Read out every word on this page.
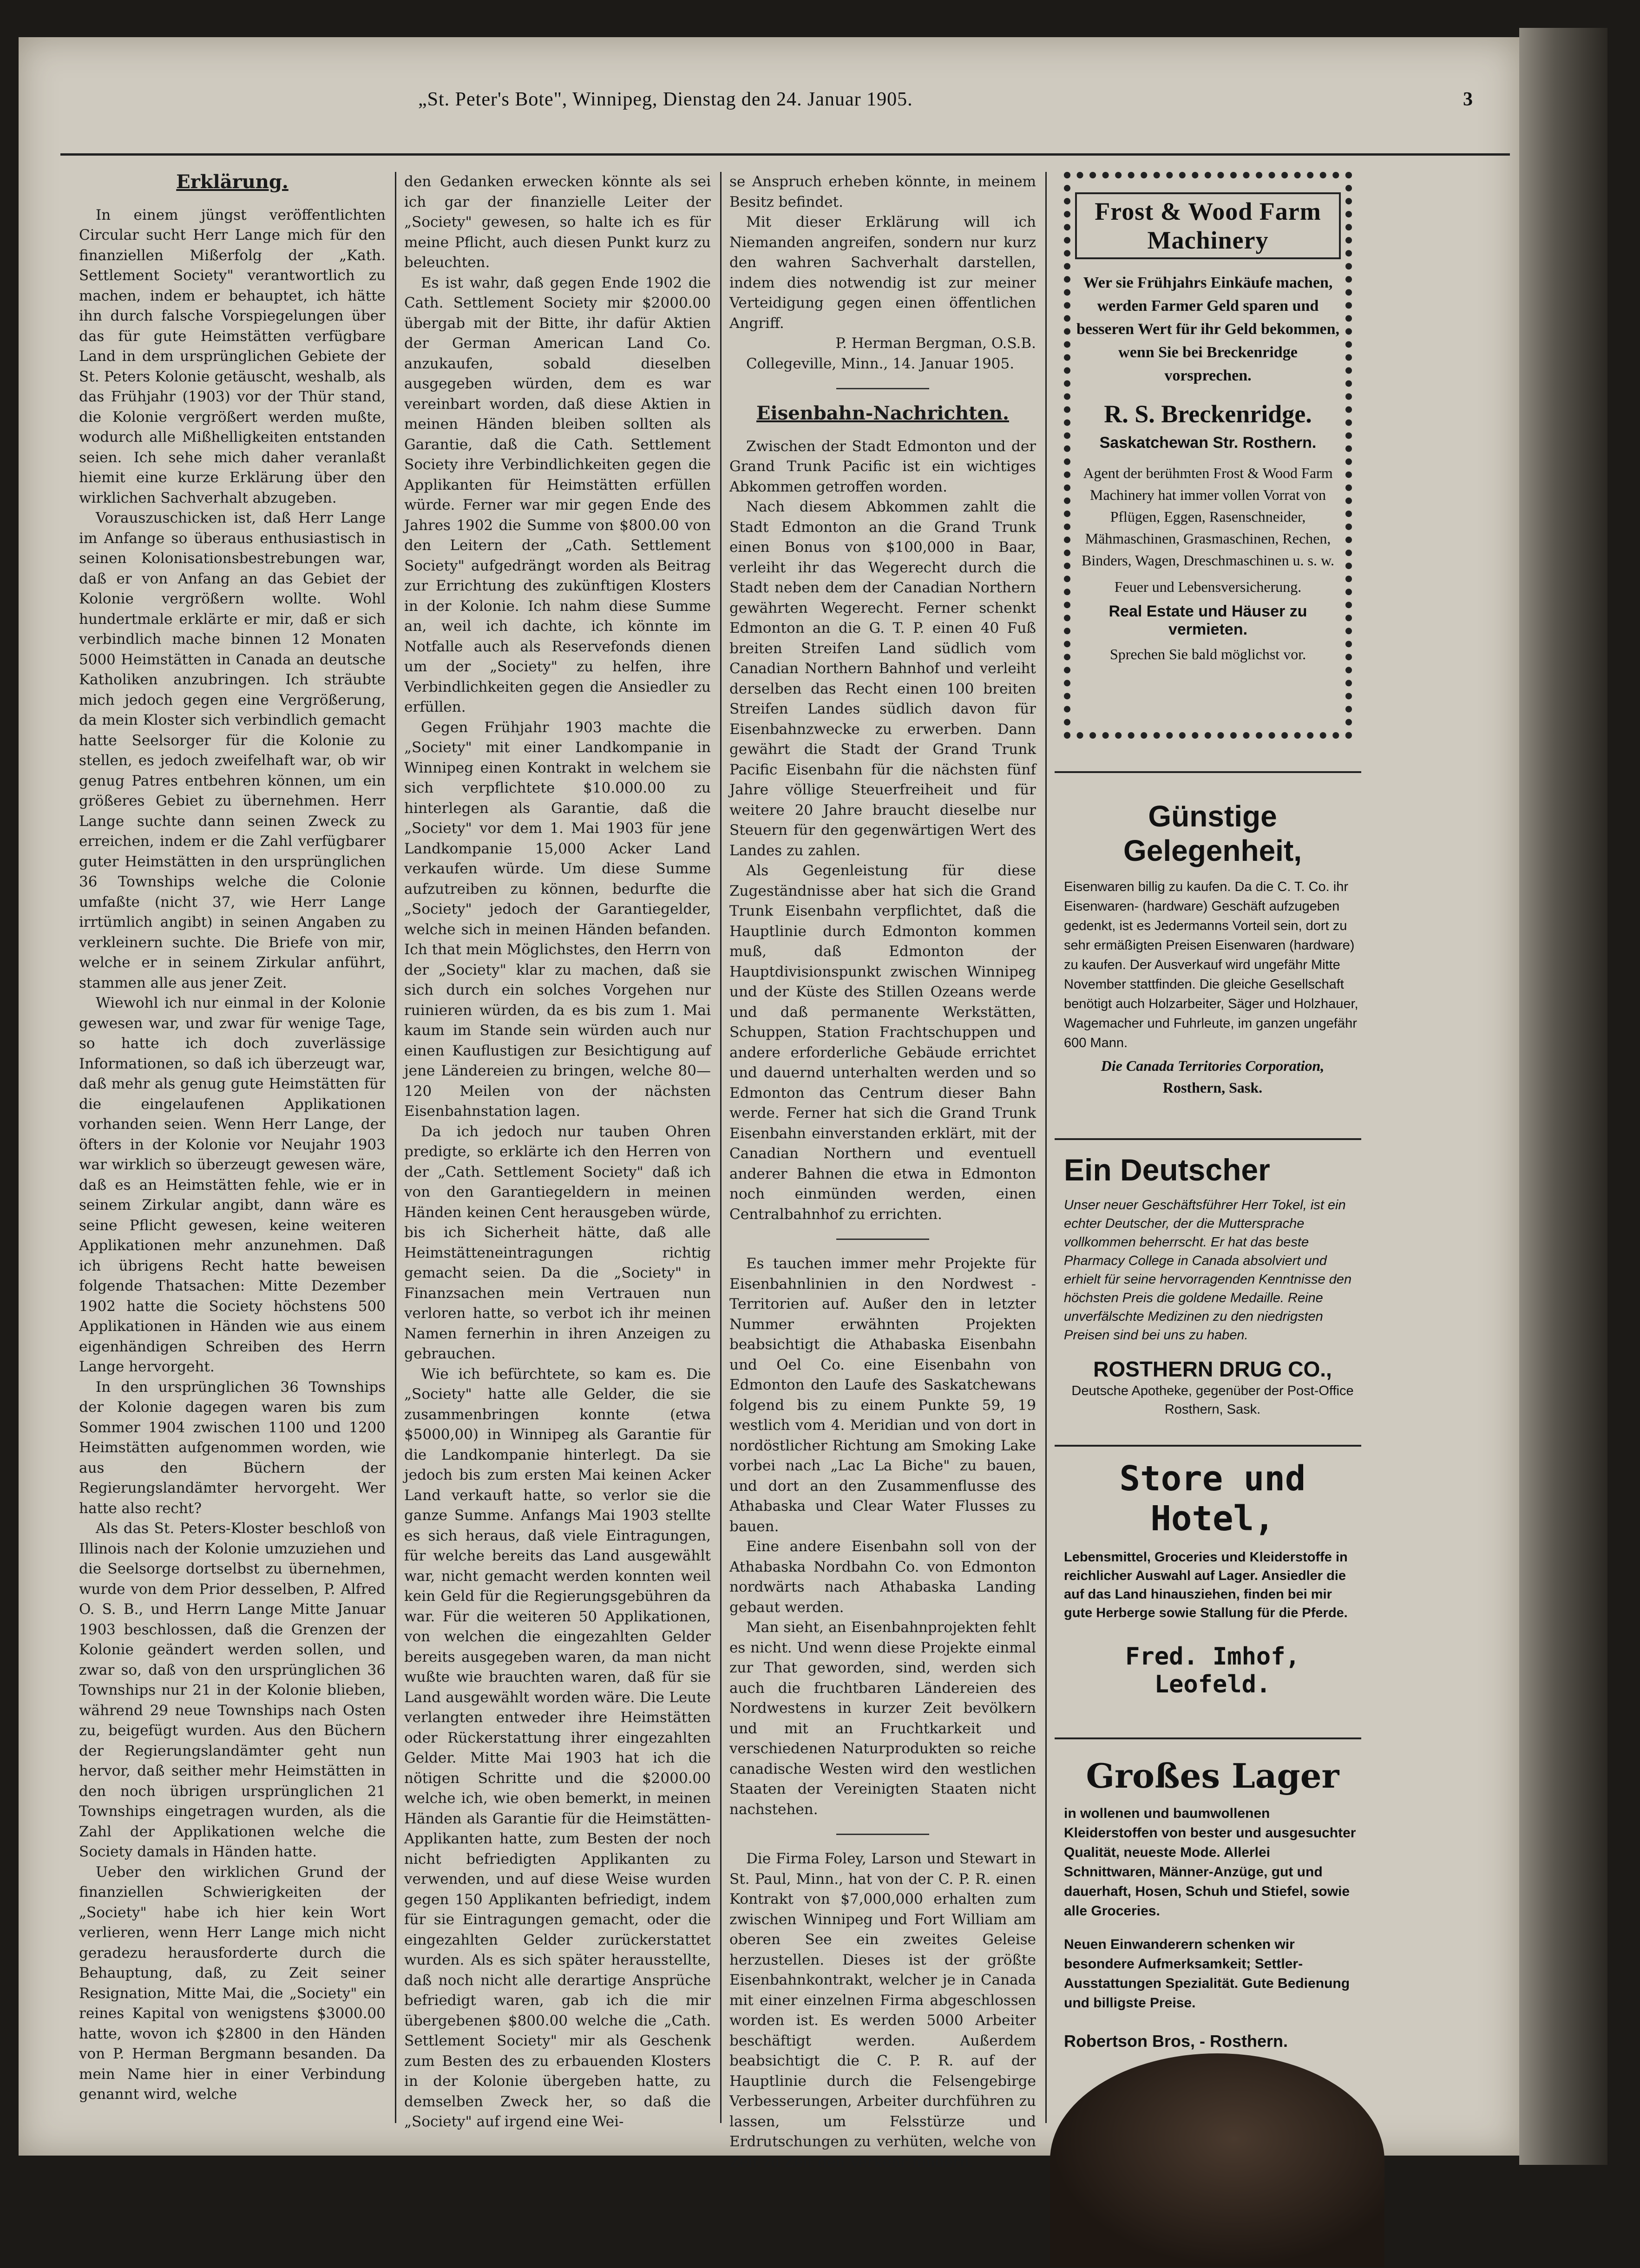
„St. Peter's Bote", Winnipeg, Dienstag den 24. Januar 1905.	3
Erklärung.

In einem jüngst veröffentlichten Circular sucht Herr Lange mich für den finanziellen Mißerfolg der „Kath. Settlement Society" verantwortlich zu machen, indem er behauptet, ich hätte ihn durch falsche Vorspiegelungen über das für gute Heimstätten verfügbare Land in dem ursprünglichen Gebiete der St. Peters Kolonie getäuscht, weshalb, als das Frühjahr (1903) vor der Thür stand, die Kolonie vergrößert werden mußte, wodurch alle Mißhelligkeiten entstanden seien. Ich sehe mich daher veranlaßt hiemit eine kurze Erklärung über den wirklichen Sachverhalt abzugeben.

Vorauszuschicken ist, daß Herr Lange im Anfange so überaus enthusiastisch in seinen Kolonisationsbestrebungen war, daß er von Anfang an das Gebiet der Kolonie vergrößern wollte. Wohl hundertmale erklärte er mir, daß er sich verbindlich mache binnen 12 Monaten 5000 Heimstätten in Canada an deutsche Katholiken anzubringen. Ich sträubte mich jedoch gegen eine Vergrößerung, da mein Kloster sich verbindlich gemacht hatte Seelsorger für die Kolonie zu stellen, es jedoch zweifelhaft war, ob wir genug Patres entbehren können, um ein größeres Gebiet zu übernehmen. Herr Lange suchte dann seinen Zweck zu erreichen, indem er die Zahl verfügbarer guter Heimstätten in den ursprünglichen 36 Townships welche die Colonie umfaßte (nicht 37, wie Herr Lange irrtümlich angibt) in seinen Angaben zu verkleinern suchte. Die Briefe von mir, welche er in seinem Zirkular anführt, stammen alle aus jener Zeit.

Wiewohl ich nur einmal in der Kolonie gewesen war, und zwar für wenige Tage, so hatte ich doch zuverlässige Informationen, so daß ich überzeugt war, daß mehr als genug gute Heimstätten für die eingelaufenen Applikationen vorhanden seien. Wenn Herr Lange, der öfters in der Kolonie vor Neujahr 1903 war wirklich so überzeugt gewesen wäre, daß es an Heimstätten fehle, wie er in seinem Zirkular angibt, dann wäre es seine Pflicht gewesen, keine weiteren Applikationen mehr anzunehmen. Daß ich übrigens Recht hatte beweisen folgende Thatsachen: Mitte Dezember 1902 hatte die Society höchstens 500 Applikationen in Händen wie aus einem eigenhändigen Schreiben des Herrn Lange hervorgeht.

In den ursprünglichen 36 Townships der Kolonie dagegen waren bis zum Sommer 1904 zwischen 1100 und 1200 Heimstätten aufgenommen worden, wie aus den Büchern der Regierungslandämter hervorgeht. Wer hatte also recht?

Als das St. Peters-Kloster beschloß von Illinois nach der Kolonie umzuziehen und die Seelsorge dortselbst zu übernehmen, wurde von dem Prior desselben, P. Alfred O. S. B., und Herrn Lange Mitte Januar 1903 beschlossen, daß die Grenzen der Kolonie geändert werden sollen, und zwar so, daß von den ursprünglichen 36 Townships nur 21 in der Kolonie blieben, während 29 neue Townships nach Osten zu, beigefügt wurden. Aus den Büchern der Regierungslandämter geht nun hervor, daß seither mehr Heimstätten in den noch übrigen ursprünglichen 21 Townships eingetragen wurden, als die Zahl der Applikationen welche die Society damals in Händen hatte.

Ueber den wirklichen Grund der finanziellen Schwierigkeiten der „Society" habe ich hier kein Wort verlieren, wenn Herr Lange mich nicht geradezu herausforderte durch die Behauptung, daß, zu Zeit seiner Resignation, Mitte Mai, die „Society" ein reines Kapital von wenigstens $3000.00 hatte, wovon ich $2800 in den Händen von P. Herman Bergmann besanden. Da mein Name hier in einer Verbindung genannt wird, welche

den Gedanken erwecken könnte als sei ich gar der finanzielle Leiter der „Society" gewesen, so halte ich es für meine Pflicht, auch diesen Punkt kurz zu beleuchten.

Es ist wahr, daß gegen Ende 1902 die Cath. Settlement Society mir $2000.00 übergab mit der Bitte, ihr dafür Aktien der German American Land Co. anzukaufen, sobald dieselben ausgegeben würden, dem es war vereinbart worden, daß diese Aktien in meinen Händen bleiben sollten als Garantie, daß die Cath. Settlement Society ihre Verbindlichkeiten gegen die Applikanten für Heimstätten erfüllen würde. Ferner war mir gegen Ende des Jahres 1902 die Summe von $800.00 von den Leitern der „Cath. Settlement Society" aufgedrängt worden als Beitrag zur Errichtung des zukünftigen Klosters in der Kolonie. Ich nahm diese Summe an, weil ich dachte, ich könnte im Notfalle auch als Reservefonds dienen um der „Society" zu helfen, ihre Verbindlichkeiten gegen die Ansiedler zu erfüllen.

Gegen Frühjahr 1903 machte die „Society" mit einer Landkompanie in Winnipeg einen Kontrakt in welchem sie sich verpflichtete $10.000.00 zu hinterlegen als Garantie, daß die „Society" vor dem 1. Mai 1903 für jene Landkompanie 15,000 Acker Land verkaufen würde. Um diese Summe aufzutreiben zu können, bedurfte die „Society" jedoch der Garantiegelder, welche sich in meinen Händen befanden. Ich that mein Möglichstes, den Herrn von der „Society" klar zu machen, daß sie sich durch ein solches Vorgehen nur ruinieren würden, da es bis zum 1. Mai kaum im Stande sein würden auch nur einen Kauflustigen zur Besichtigung auf jene Ländereien zu bringen, welche 80—120 Meilen von der nächsten Eisenbahnstation lagen.

Da ich jedoch nur tauben Ohren predigte, so erklärte ich den Herren von der „Cath. Settlement Society" daß ich von den Garantiegeldern in meinen Händen keinen Cent herausgeben würde, bis ich Sicherheit hätte, daß alle Heimstätteneintragungen richtig gemacht seien. Da die „Society" in Finanzsachen mein Vertrauen nun verloren hatte, so verbot ich ihr meinen Namen fernerhin in ihren Anzeigen zu gebrauchen.

Wie ich befürchtete, so kam es. Die „Society" hatte alle Gelder, die sie zusammenbringen konnte (etwa $5000,00) in Winnipeg als Garantie für die Landkompanie hinterlegt. Da sie jedoch bis zum ersten Mai keinen Acker Land verkauft hatte, so verlor sie die ganze Summe. Anfangs Mai 1903 stellte es sich heraus, daß viele Eintragungen, für welche bereits das Land ausgewählt war, nicht gemacht werden konnten weil kein Geld für die Regierungsgebühren da war. Für die weiteren 50 Applikationen, von welchen die eingezahlten Gelder bereits ausgegeben waren, da man nicht wußte wie brauchten waren, daß für sie Land ausgewählt worden wäre. Die Leute verlangten entweder ihre Heimstätten oder Rückerstattung ihrer eingezahlten Gelder. Mitte Mai 1903 hat ich die nötigen Schritte und die $2000.00 welche ich, wie oben bemerkt, in meinen Händen als Garantie für die Heimstätten-Applikanten hatte, zum Besten der noch nicht befriedigten Applikanten zu verwenden, und auf diese Weise wurden gegen 150 Applikanten befriedigt, indem für sie Eintragungen gemacht, oder die eingezahlten Gelder zurückerstattet wurden. Als es sich später herausstellte, daß noch nicht alle derartige Ansprüche befriedigt waren, gab ich die mir übergebenen $800.00 welche die „Cath. Settlement Society" mir als Geschenk zum Besten des zu erbauenden Klosters in der Kolonie übergeben hatte, zu demselben Zweck her, so daß die „Society" auf irgend eine Wei-

se Anspruch erheben könnte, in meinem Besitz befindet.

Mit dieser Erklärung will ich Niemanden angreifen, sondern nur kurz den wahren Sachverhalt darstellen, indem dies notwendig ist zur meiner Verteidigung gegen einen öffentlichen Angriff.

P. Herman Bergman, O.S.B.

Collegeville, Minn., 14. Januar 1905.

Eisenbahn-Nachrichten.

Zwischen der Stadt Edmonton und der Grand Trunk Pacific ist ein wichtiges Abkommen getroffen worden.

Nach diesem Abkommen zahlt die Stadt Edmonton an die Grand Trunk einen Bonus von $100,000 in Baar, verleiht ihr das Wegerecht durch die Stadt neben dem der Canadian Northern gewährten Wegerecht. Ferner schenkt Edmonton an die G. T. P. einen 40 Fuß breiten Streifen Land südlich vom Canadian Northern Bahnhof und verleiht derselben das Recht einen 100 breiten Streifen Landes südlich davon für Eisenbahnzwecke zu erwerben. Dann gewährt die Stadt der Grand Trunk Pacific Eisenbahn für die nächsten fünf Jahre völlige Steuerfreiheit und für weitere 20 Jahre braucht dieselbe nur Steuern für den gegenwärtigen Wert des Landes zu zahlen.

Als Gegenleistung für diese Zugeständnisse aber hat sich die Grand Trunk Eisenbahn verpflichtet, daß die Hauptlinie durch Edmonton kommen muß, daß Edmonton der Hauptdivisionspunkt zwischen Winnipeg und der Küste des Stillen Ozeans werde und daß permanente Werkstätten, Schuppen, Station Frachtschuppen und andere erforderliche Gebäude errichtet und dauernd unterhalten werden und so Edmonton das Centrum dieser Bahn werde. Ferner hat sich die Grand Trunk Eisenbahn einverstanden erklärt, mit der Canadian Northern und eventuell anderer Bahnen die etwa in Edmonton noch einmünden werden, einen Centralbahnhof zu errichten.

Es tauchen immer mehr Projekte für Eisenbahnlinien in den Nordwest - Territorien auf. Außer den in letzter Nummer erwähnten Projekten beabsichtigt die Athabaska Eisenbahn und Oel Co. eine Eisenbahn von Edmonton den Laufe des Saskatchewans folgend bis zu einem Punkte 59, 19 westlich vom 4. Meridian und von dort in nordöstlicher Richtung am Smoking Lake vorbei nach „Lac La Biche" zu bauen, und dort an den Zusammenflusse des Athabaska und Clear Water Flusses zu bauen.

Eine andere Eisenbahn soll von der Athabaska Nordbahn Co. von Edmonton nordwärts nach Athabaska Landing gebaut werden.

Man sieht, an Eisenbahnprojekten fehlt es nicht. Und wenn diese Projekte einmal zur That geworden, sind, werden sich auch die fruchtbaren Ländereien des Nordwestens in kurzer Zeit bevölkern und mit an Fruchtkarkeit und verschiedenen Naturprodukten so reiche canadische Westen wird den westlichen Staaten der Vereinigten Staaten nicht nachstehen.

Die Firma Foley, Larson und Stewart in St. Paul, Minn., hat von der C. P. R. einen Kontrakt von $7,000,000 erhalten zum zwischen Winnipeg und Fort William am oberen See ein zweites Geleise herzustellen. Dieses ist der größte Eisenbahnkontrakt, welcher je in Canada mit einer einzelnen Firma abgeschlossen worden ist. Es werden 5000 Arbeiter beschäftigt werden. Außerdem beabsichtigt die C. P. R. auf der Hauptlinie durch die Felsengebirge Verbesserungen, Arbeiter durchführen zu lassen, um Felsstürze und Erdrutschungen zu verhüten, welche von Zeit zu Zeit den Verkehr hindern.

Frost & Wood Farm Machinery
Wer sie Frühjahrs Einkäufe machen, werden Farmer Geld sparen und besseren Wert für ihr Geld bekommen, wenn Sie bei Breckenridge vorsprechen.
R. S. Breckenridge.
Saskatchewan Str. Rosthern.
Agent der berühmten Frost & Wood Farm Machinery hat immer vollen Vorrat von Pflügen, Eggen, Rasenschneider, Mähmaschinen, Grasmaschinen, Rechen, Binders, Wagen, Dreschmaschinen u. s. w.
Feuer und Lebensversicherung.
Real Estate und Häuser zu vermieten.
Sprechen Sie bald möglichst vor.
Günstige Gelegenheit,
Eisenwaren billig zu kaufen. Da die C. T. Co. ihr Eisenwaren- (hardware) Geschäft aufzugeben gedenkt, ist es Jedermanns Vorteil sein, dort zu sehr ermäßigten Preisen Eisenwaren (hardware) zu kaufen. Der Ausverkauf wird ungefähr Mitte November stattfinden. Die gleiche Gesellschaft benötigt auch Holzarbeiter, Säger und Holzhauer, Wagemacher und Fuhrleute, im ganzen ungefähr 600 Mann.
Die Canada Territories Corporation,
Rosthern, Sask.
Ein Deutscher
Unser neuer Geschäftsführer Herr Tokel, ist ein echter Deutscher, der die Muttersprache vollkommen beherrscht. Er hat das beste Pharmacy College in Canada absolviert und erhielt für seine hervorragenden Kenntnisse den höchsten Preis die goldene Medaille. Reine unverfälschte Medizinen zu den niedrigsten Preisen sind bei uns zu haben.
ROSTHERN DRUG CO.,
Deutsche Apotheke, gegenüber der Post-Office Rosthern, Sask.
Store und Hotel,
Lebensmittel, Groceries und Kleiderstoffe in reichlicher Auswahl auf Lager. Ansiedler die auf das Land hinausziehen, finden bei mir gute Herberge sowie Stallung für die Pferde.
Fred. Imhof, Leofeld.
Großes Lager
in wollenen und baumwollenen Kleiderstoffen von bester und ausgesuchter Qualität, neueste Mode. Allerlei Schnittwaren, Männer-Anzüge, gut und dauerhaft, Hosen, Schuh und Stiefel, sowie alle Groceries.
Neuen Einwanderern schenken wir besondere Aufmerksamkeit; Settler-Ausstattungen Spezialität. Gute Bedienung und billigste Preise.
Robertson Bros, - Rosthern.
